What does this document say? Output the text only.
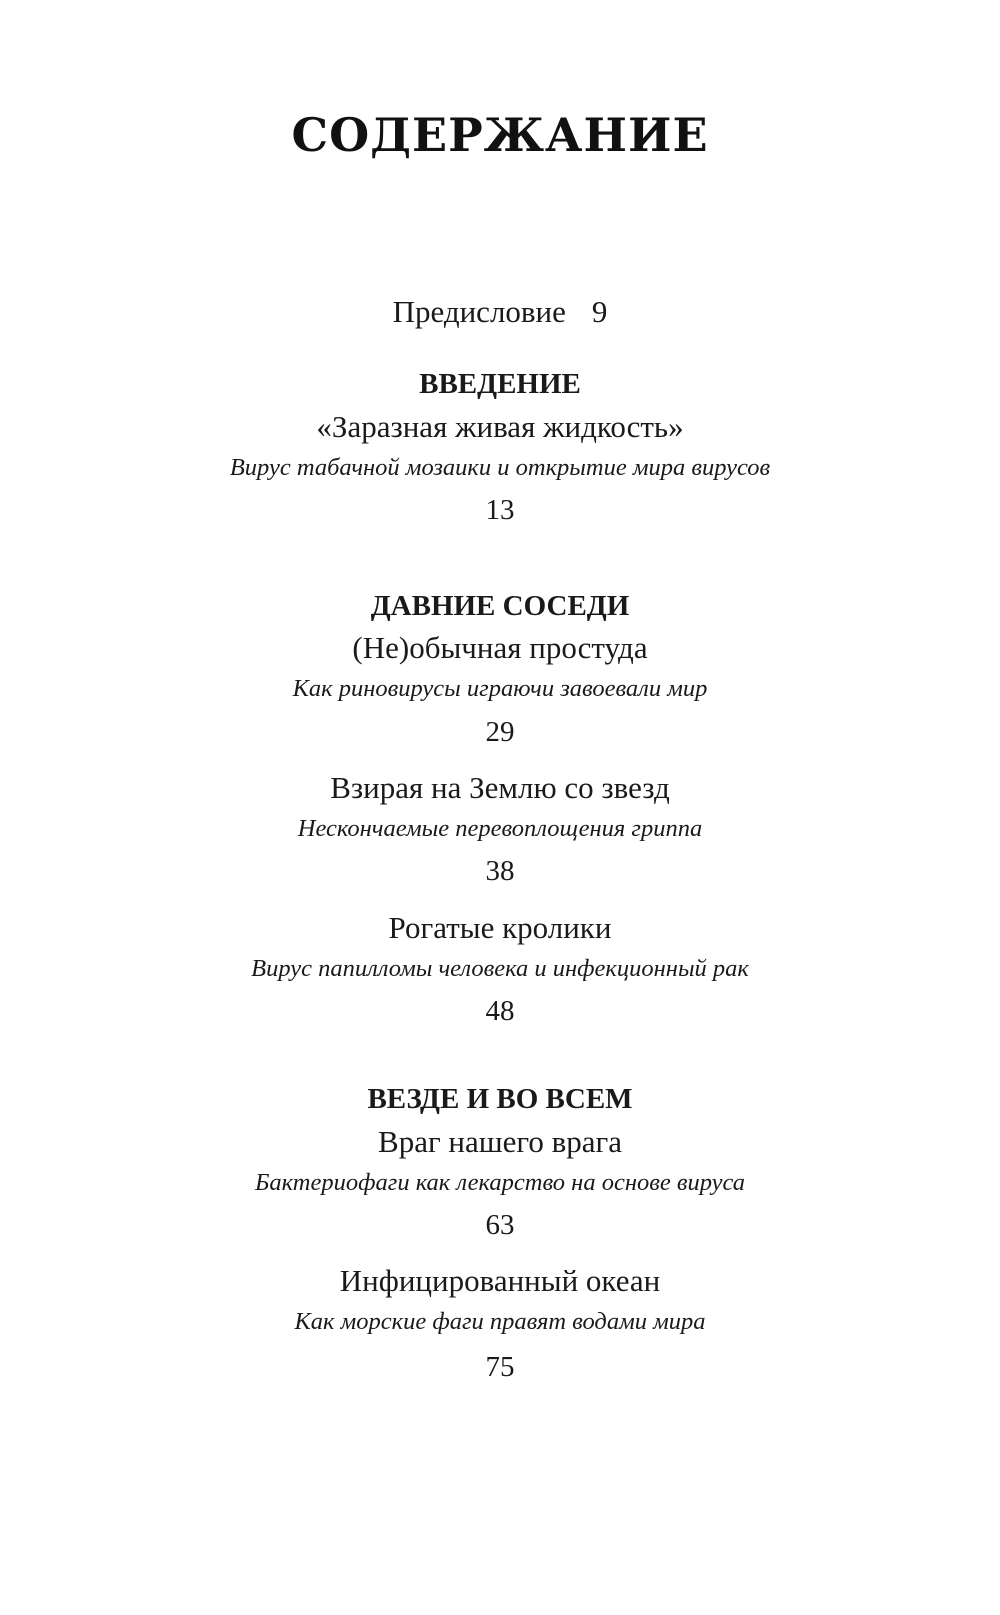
СОДЕРЖАНИЕ
Предисловие 9
ВВЕДЕНИЕ
«Заразная живая жидкость»
Вирус табачной мозаики и открытие мира вирусов
13
ДАВНИЕ СОСЕДИ
(Не)обычная простуда
Как риновирусы играючи завоевали мир
29
Взирая на Землю со звезд
Нескончаемые перевоплощения гриппа
38
Рогатые кролики
Вирус папилломы человека и инфекционный рак
48
ВЕЗДЕ И ВО ВСЕМ
Враг нашего врага
Бактериофаги как лекарство на основе вируса
63
Инфицированный океан
Как морские фаги правят водами мира
75
